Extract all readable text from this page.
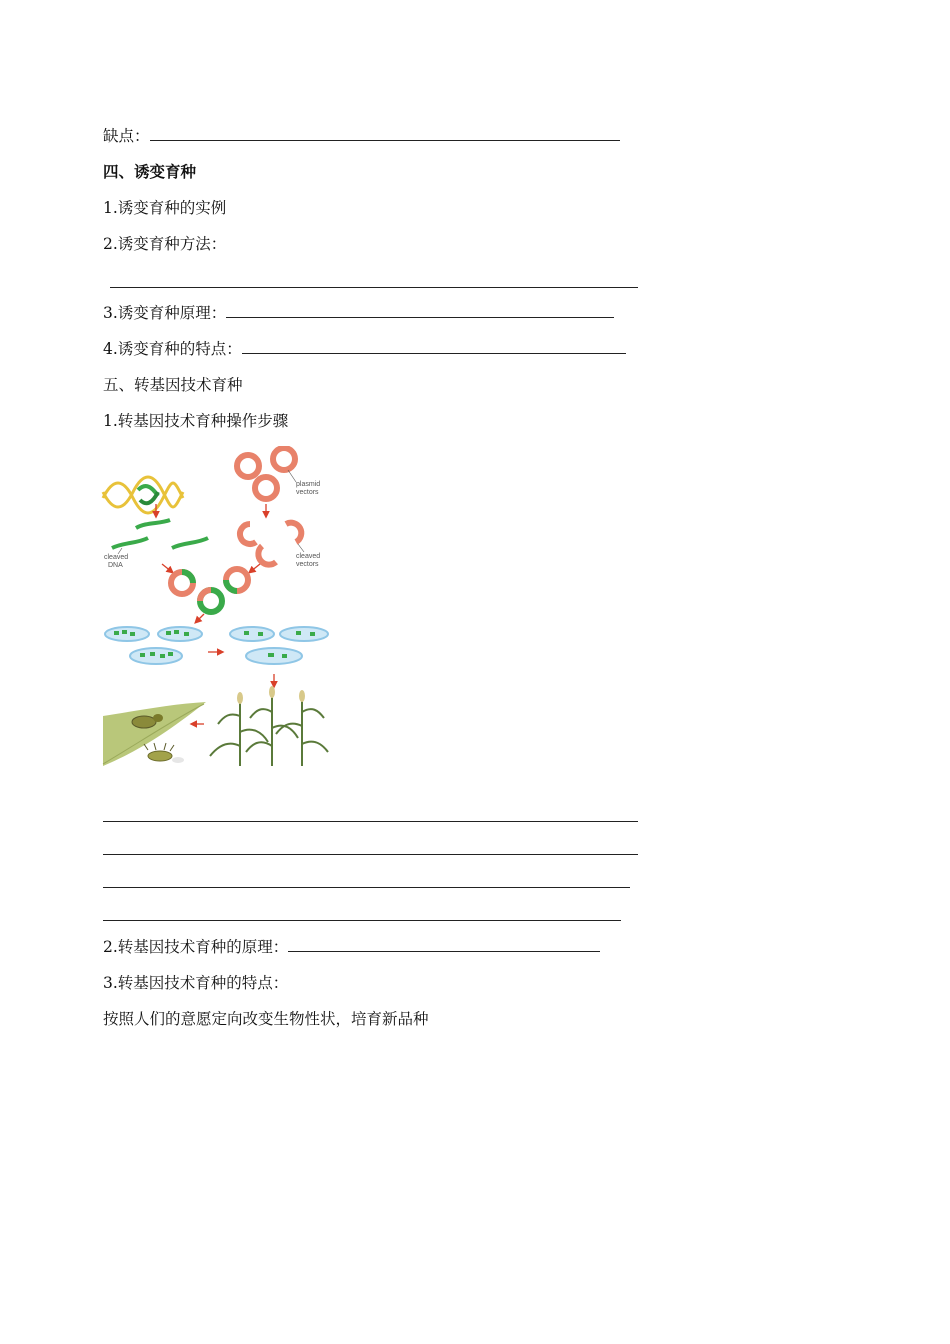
缺点：
四、诱变育种
1.诱变育种的实例
2.诱变育种方法：
3.诱变育种原理：
4.诱变育种的特点：
五、转基因技术育种
1.转基因技术育种操作步骤
cleaved
DNA
plasmid
vectors
cleaved
vectors
2.转基因技术育种的原理：
3.转基因技术育种的特点：
按照人们的意愿定向改变生物性状，培育新品种
